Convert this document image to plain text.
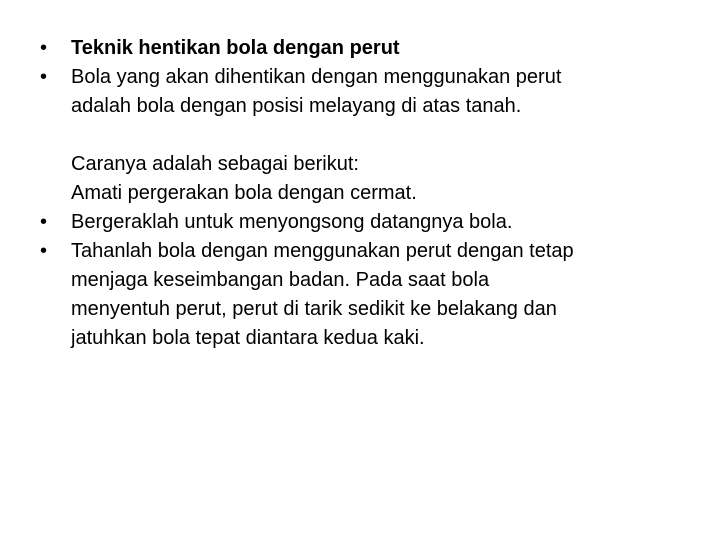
•	Teknik hentikan bola dengan perut
•	Bola yang akan dihentikan dengan menggunakan perut
adalah bola dengan posisi melayang di atas tanah.
Caranya adalah sebagai berikut:
Amati pergerakan bola dengan cermat.
•	Bergeraklah untuk menyongsong datangnya bola.
•	Tahanlah bola dengan menggunakan perut dengan tetap
menjaga keseimbangan badan. Pada saat bola
menyentuh perut, perut di tarik sedikit ke belakang dan
jatuhkan bola tepat diantara kedua kaki.
